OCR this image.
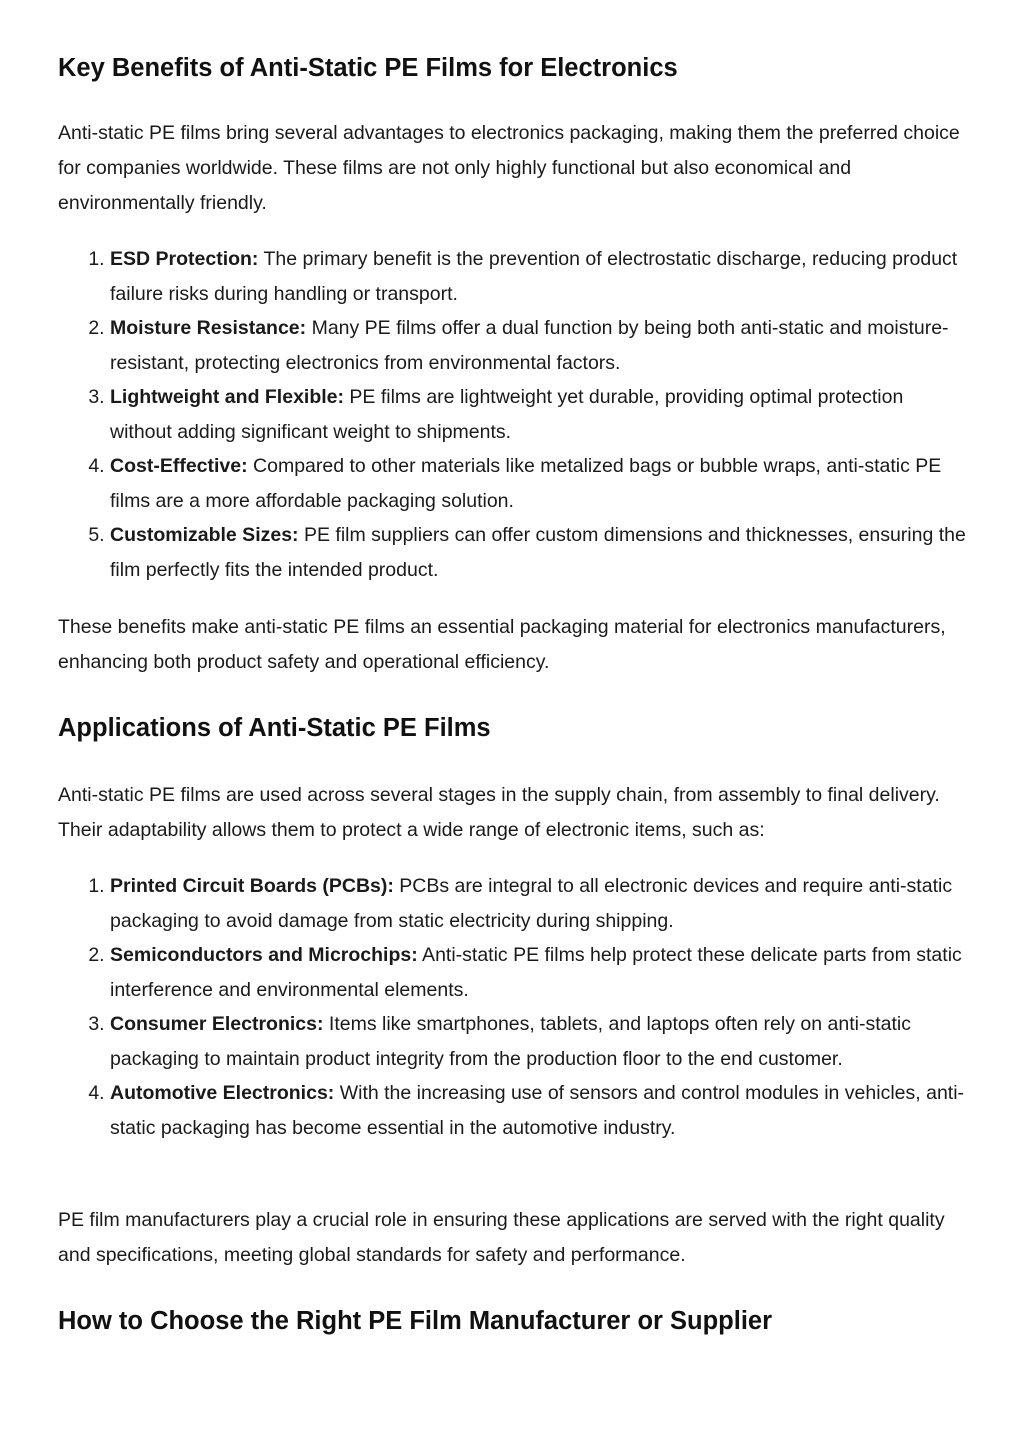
Key Benefits of Anti-Static PE Films for Electronics

Anti-static PE films bring several advantages to electronics packaging, making them the preferred choice for companies worldwide. These films are not only highly functional but also economical and environmentally friendly.

1. ESD Protection: The primary benefit is the prevention of electrostatic discharge, reducing product failure risks during handling or transport.
2. Moisture Resistance: Many PE films offer a dual function by being both anti-static and moisture-resistant, protecting electronics from environmental factors.
3. Lightweight and Flexible: PE films are lightweight yet durable, providing optimal protection without adding significant weight to shipments.
4. Cost-Effective: Compared to other materials like metalized bags or bubble wraps, anti-static PE films are a more affordable packaging solution.
5. Customizable Sizes: PE film suppliers can offer custom dimensions and thicknesses, ensuring the film perfectly fits the intended product.

These benefits make anti-static PE films an essential packaging material for electronics manufacturers, enhancing both product safety and operational efficiency.

Applications of Anti-Static PE Films

Anti-static PE films are used across several stages in the supply chain, from assembly to final delivery. Their adaptability allows them to protect a wide range of electronic items, such as:

1. Printed Circuit Boards (PCBs): PCBs are integral to all electronic devices and require anti-static packaging to avoid damage from static electricity during shipping.
2. Semiconductors and Microchips: Anti-static PE films help protect these delicate parts from static interference and environmental elements.
3. Consumer Electronics: Items like smartphones, tablets, and laptops often rely on anti-static packaging to maintain product integrity from the production floor to the end customer.
4. Automotive Electronics: With the increasing use of sensors and control modules in vehicles, anti-static packaging has become essential in the automotive industry.

PE film manufacturers play a crucial role in ensuring these applications are served with the right quality and specifications, meeting global standards for safety and performance.

How to Choose the Right PE Film Manufacturer or Supplier
